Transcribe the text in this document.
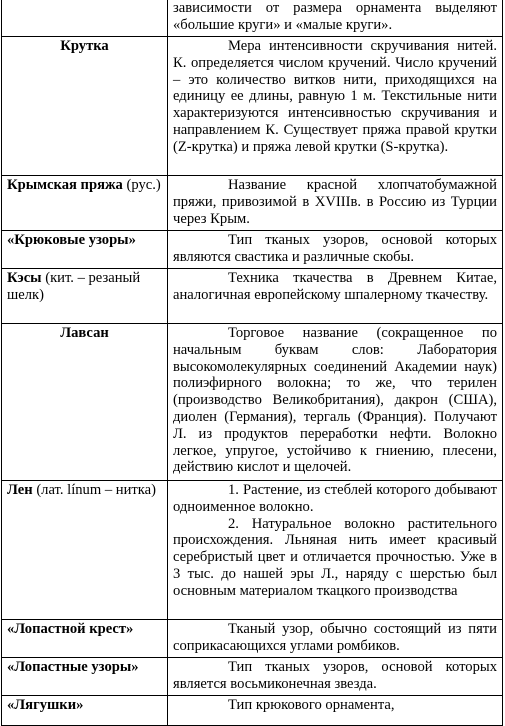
	зависимости от размера орнамента выделяют «большие круги» и «малые круги».

Крутка	Мера интенсивности скручивания нитей. К. определяется числом кручений. Число кручений – это количество витков нити, приходящихся на единицу ее длины, равную 1 м. Текстильные нити характеризуются интенсивностью скручивания и направлением К. Существует пряжа правой крутки (Z-крутка) и пряжа левой крутки (S-крутка).

Крымская пряжа (рус.)	Название красной хлопчатобумажной пряжи, привозимой в XVIIIв. в Россию из Турции через Крым.

«Крюковые узоры»	Тип тканых узоров, основой которых являются свастика и различные скобы.

Кэсы (кит. – резаный шелк)	Техника ткачества в Древнем Китае, аналогичная европейскому шпалерному ткачеству.

Лавсан	Торговое название (сокращенное по начальным буквам слов: Лаборатория высокомолекулярных соединений Академии наук) полиэфирного волокна; то же, что терилен (производство Великобритания), дакрон (США), диолен (Германия), тергаль (Франция). Получают Л. из продуктов переработки нефти. Волокно легкое, упругое, устойчиво к гниению, плесени, действию кислот и щелочей.

Лен (лат. línum – нитка)	1. Растение, из стеблей которого добывают одноименное волокно.
2. Натуральное волокно растительного происхождения. Льняная нить имеет красивый серебристый цвет и отличается прочностью. Уже в 3 тыс. до нашей эры Л., наряду с шерстью был основным материалом ткацкого производства

«Лопастной крест»	Тканый узор, обычно состоящий из пяти соприкасающихся углами ромбиков.

«Лопастные узоры»	Тип тканых узоров, основой которых является восьмиконечная звезда.

«Лягушки»	Тип крюкового орнамента,
